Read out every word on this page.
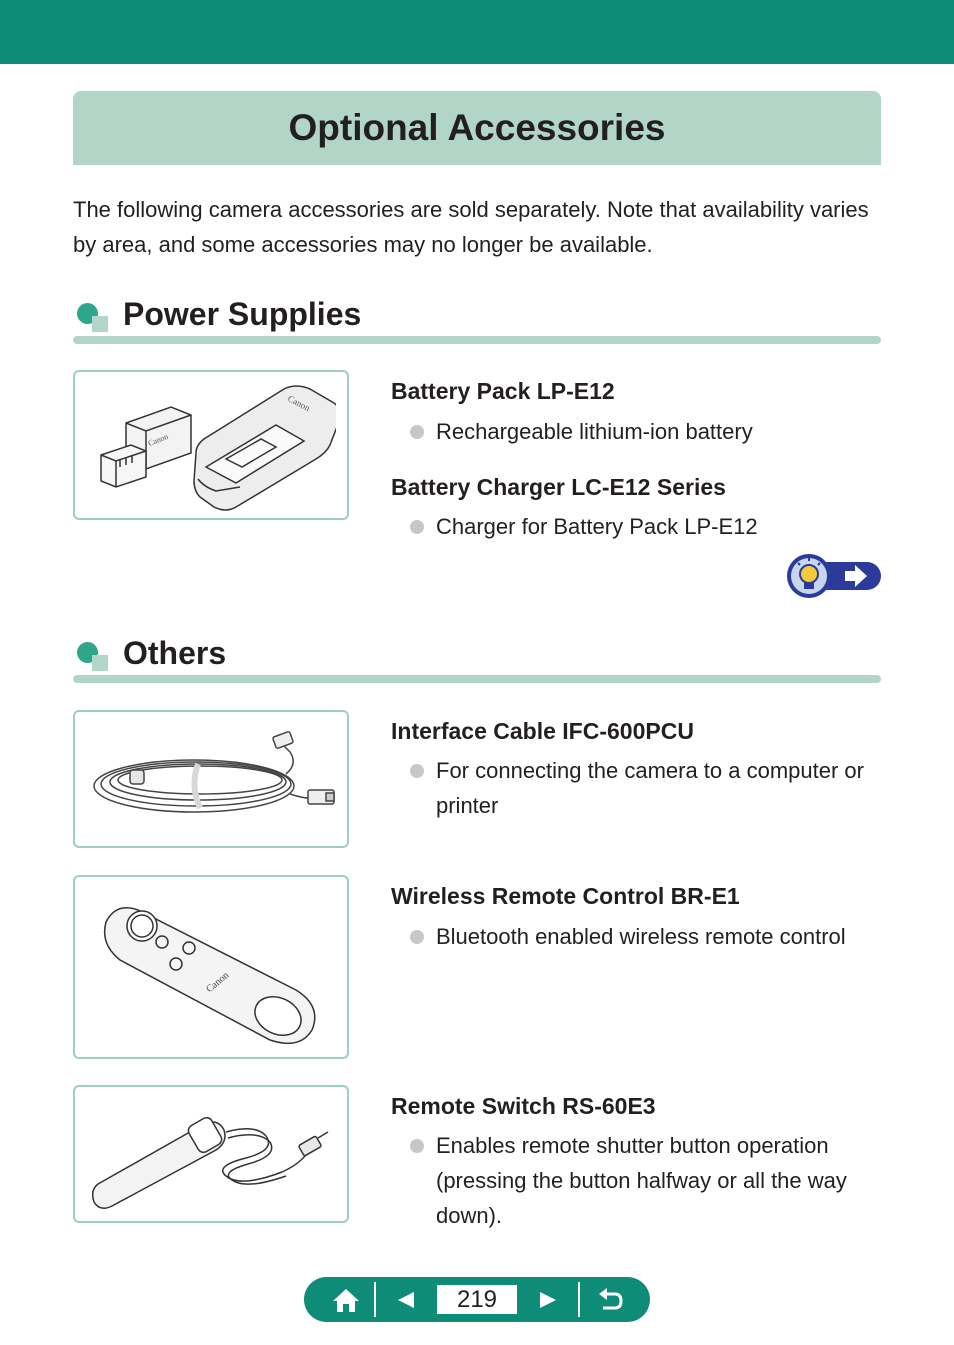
Optional Accessories

The following camera accessories are sold separately. Note that availability varies by area, and some accessories may no longer be available.

Power Supplies
Canon
Canon	Battery Pack LP-E12
Rechargeable lithium-ion battery
Battery Charger LC-E12 Series
Charger for Battery Pack LP-E12
Others
Interface Cable IFC-600PCU
For connecting the camera to a computer or printer
Canon
Wireless Remote Control BR-E1
Bluetooth enabled wireless remote control
Remote Switch RS-60E3
Enables remote shutter button operation (pressing the button halfway or all the way down).
219
